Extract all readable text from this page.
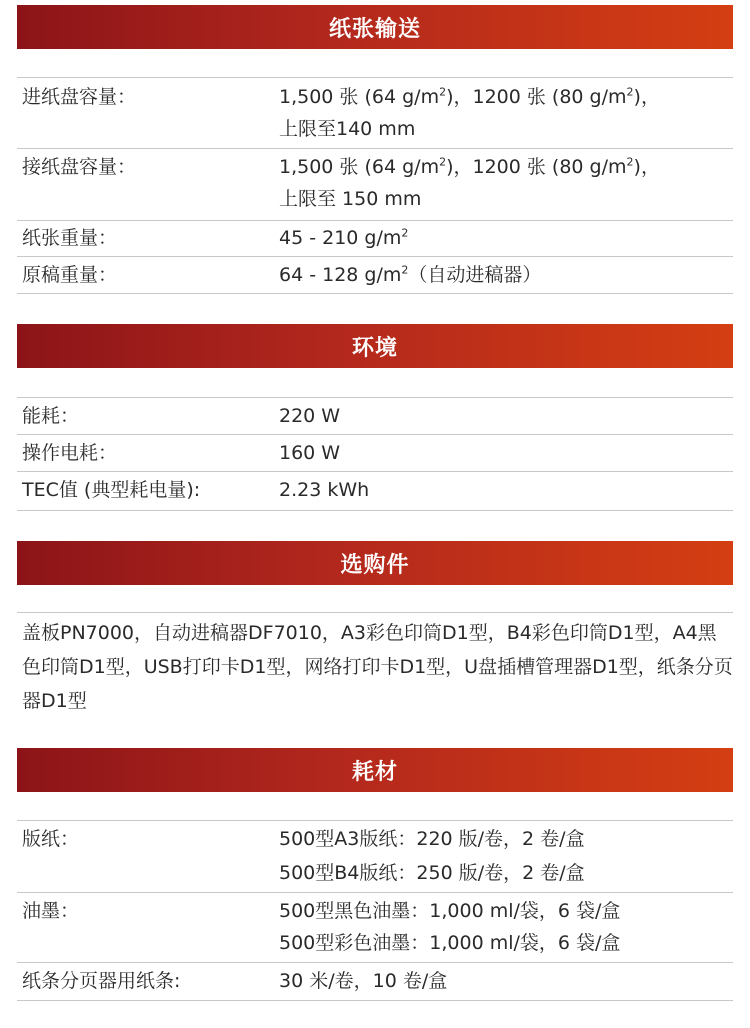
纸张输送
进纸盘容量：	1,500 张 (64 $g/m^2$)，1200 张 (80 $g/m^2$)，
上限至140 mm
接纸盘容量：	1,500 张 (64 $g/m^2$)，1200 张 (80 $g/m^2$)，
上限至 150 mm
纸张重量：	45 - 210 $g/m^2$
原稿重量：	64 - 128 $g/m^2$（自动进稿器）
环境
能耗：	220 W
操作电耗：	160 W
TEC值 (典型耗电量):	2.23 kWh
选购件
盖板PN7000，自动进稿器DF7010，A3彩色印筒D1型，B4彩色印筒D1型，A4黑色印筒D1型，USB打印卡D1型，网络打印卡D1型，U盘插槽管理器D1型，纸条分页器D1型
耗材
版纸：	500型A3版纸：220 版/卷，2 卷/盒
500型B4版纸：250 版/卷，2 卷/盒
油墨：	500型黑色油墨：1,000 ml/袋，6 袋/盒
500型彩色油墨：1,000 ml/袋，6 袋/盒
纸条分页器用纸条:	30 米/卷，10 卷/盒
